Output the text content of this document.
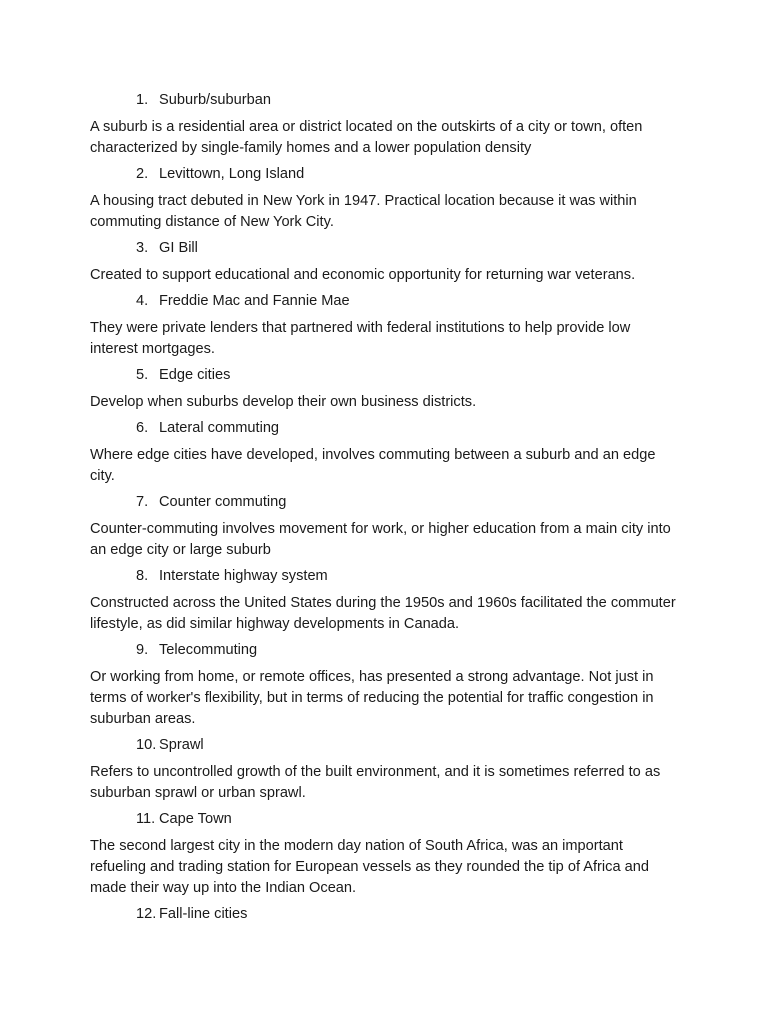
1. Suburb/suburban

A suburb is a residential area or district located on the outskirts of a city or town, often characterized by single-family homes and a lower population density

2. Levittown, Long Island

A housing tract debuted in New York in 1947. Practical location because it was within commuting distance of New York City.

3. GI Bill

Created to support educational and economic opportunity for returning war veterans.

4. Freddie Mac and Fannie Mae

They were private lenders that partnered with federal institutions to help provide low interest mortgages.

5. Edge cities

Develop when suburbs develop their own business districts.

6. Lateral commuting

Where edge cities have developed, involves commuting between a suburb and an edge city.

7. Counter commuting

Counter-commuting involves movement for work, or higher education from a main city into an edge city or large suburb

8. Interstate highway system

Constructed across the United States during the 1950s and 1960s facilitated the commuter lifestyle, as did similar highway developments in Canada.

9. Telecommuting

Or working from home, or remote offices, has presented a strong advantage. Not just in terms of worker's flexibility, but in terms of reducing the potential for traffic congestion in suburban areas.

10. Sprawl

Refers to uncontrolled growth of the built environment, and it is sometimes referred to as suburban sprawl or urban sprawl.

11. Cape Town

The second largest city in the modern day nation of South Africa, was an important refueling and trading station for European vessels as they rounded the tip of Africa and made their way up into the Indian Ocean.

12. Fall-line cities
